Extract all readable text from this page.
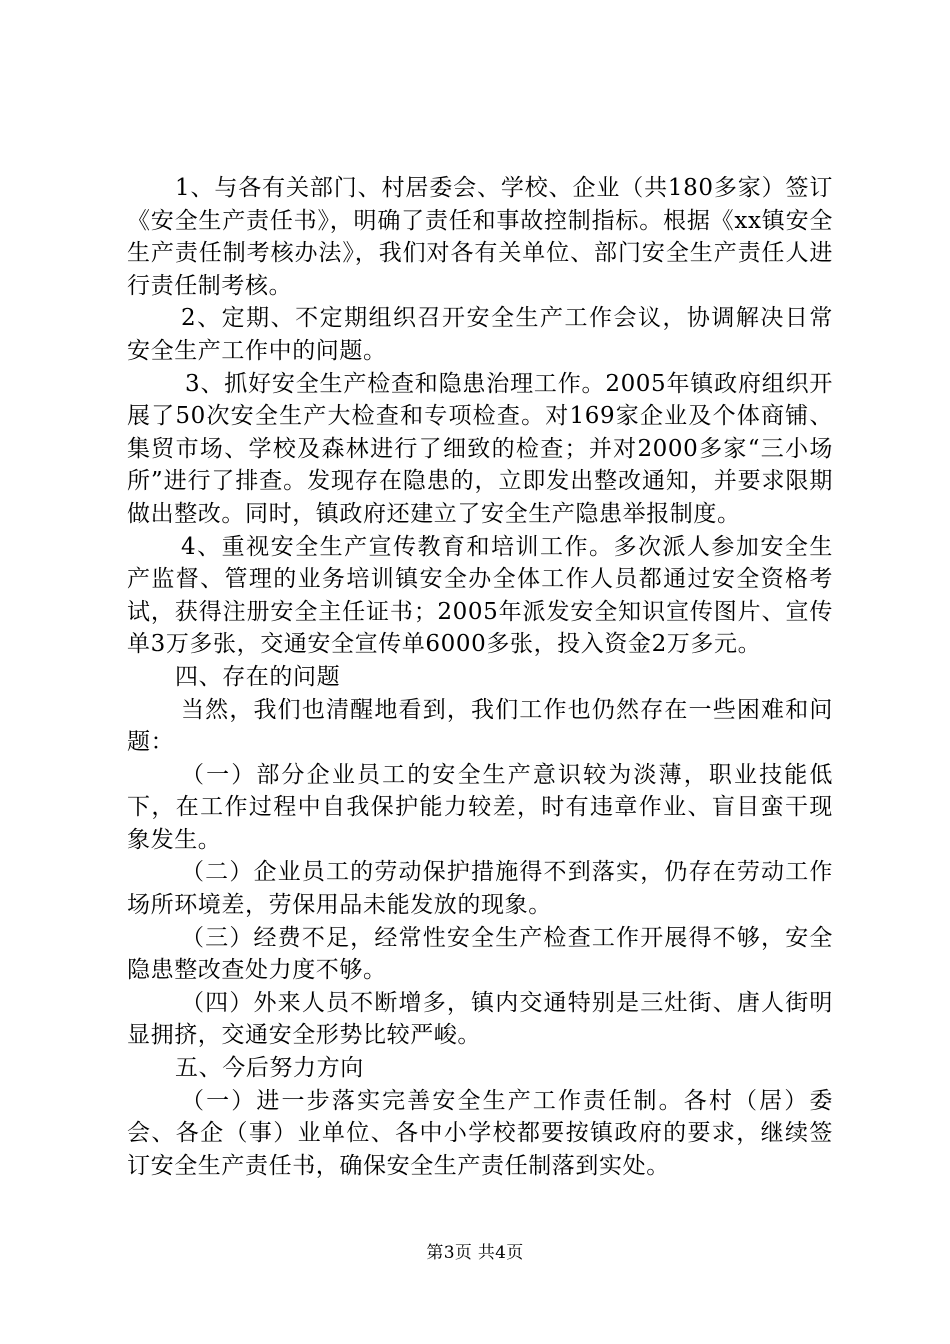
1、与各有关部门、村居委会、学校、企业（共180多家）签订《安全生产责任书》，明确了责任和事故控制指标。根据《xx镇安全生产责任制考核办法》，我们对各有关单位、部门安全生产责任人进行责任制考核。

2、定期、不定期组织召开安全生产工作会议，协调解决日常安全生产工作中的问题。

3、抓好安全生产检查和隐患治理工作。2005年镇政府组织开展了50次安全生产大检查和专项检查。对169家企业及个体商铺、集贸市场、学校及森林进行了细致的检查；并对2000多家“三小场所”进行了排查。发现存在隐患的，立即发出整改通知，并要求限期做出整改。同时，镇政府还建立了安全生产隐患举报制度。

4、重视安全生产宣传教育和培训工作。多次派人参加安全生产监督、管理的业务培训镇安全办全体工作人员都通过安全资格考试，获得注册安全主任证书；2005年派发安全知识宣传图片、宣传单3万多张，交通安全宣传单6000多张，投入资金2万多元。

四、存在的问题

当然，我们也清醒地看到，我们工作也仍然存在一些困难和问题：

（一）部分企业员工的安全生产意识较为淡薄，职业技能低下，在工作过程中自我保护能力较差，时有违章作业、盲目蛮干现象发生。

（二）企业员工的劳动保护措施得不到落实，仍存在劳动工作场所环境差，劳保用品未能发放的现象。

（三）经费不足，经常性安全生产检查工作开展得不够，安全隐患整改查处力度不够。

（四）外来人员不断增多，镇内交通特别是三灶街、唐人街明显拥挤，交通安全形势比较严峻。

五、今后努力方向

（一）进一步落实完善安全生产工作责任制。各村（居）委会、各企（事）业单位、各中小学校都要按镇政府的要求，继续签订安全生产责任书，确保安全生产责任制落到实处。

第3页 共4页
